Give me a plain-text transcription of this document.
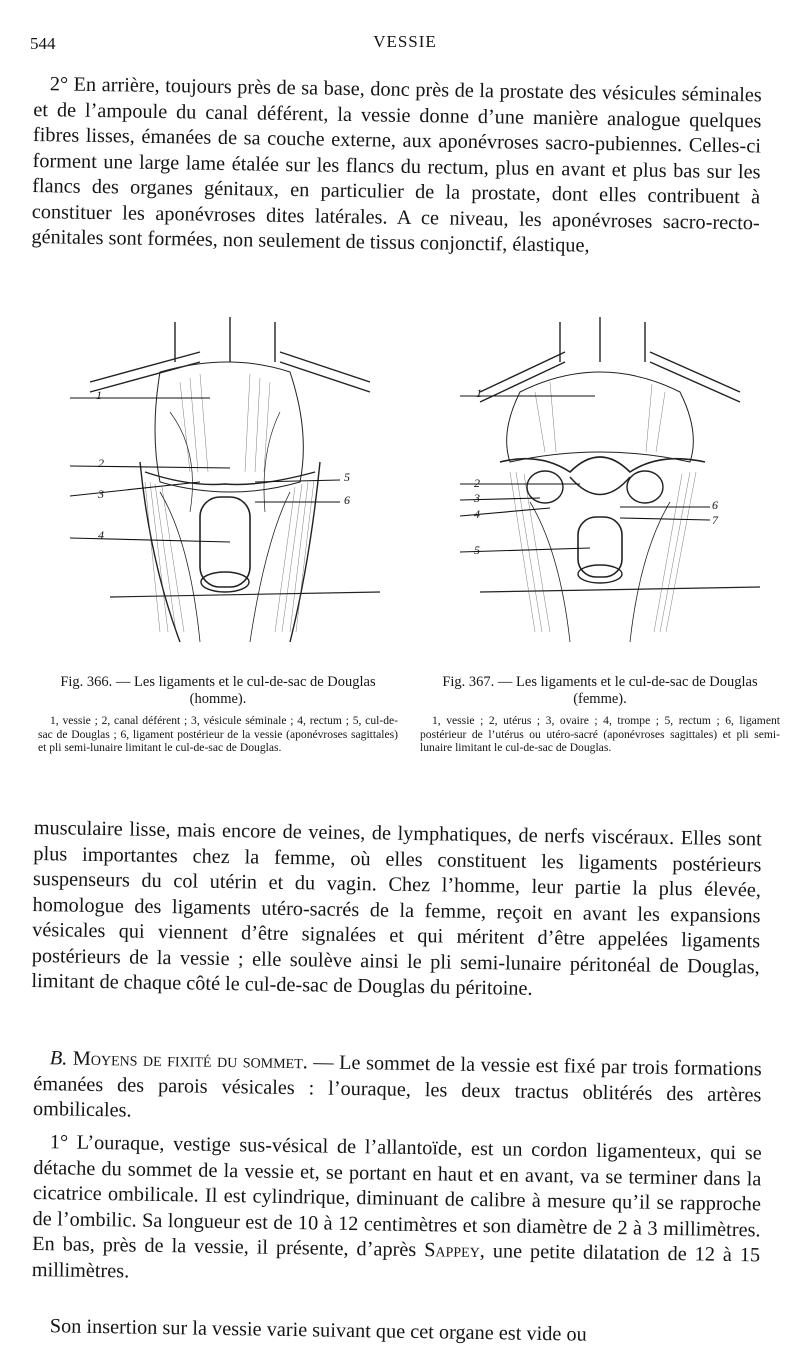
544	VESSIE

2° En arrière, toujours près de sa base, donc près de la prostate des vésicules séminales et de l’ampoule du canal déférent, la vessie donne d’une manière analogue quelques fibres lisses, émanées de sa couche externe, aux aponévroses sacro-pubiennes. Celles-ci forment une large lame étalée sur les flancs du rectum, plus en avant et plus bas sur les flancs des organes génitaux, en particulier de la prostate, dont elles contribuent à constituer les aponévroses dites latérales. A ce niveau, les aponévroses sacro-recto-génitales sont formées, non seulement de tissus conjonctif, élastique,

1
2
3
4
5
6
1
2
3
4
5
6
7

Fig. 366. — Les ligaments et le cul-de-sac de Douglas (homme).

1, vessie ; 2, canal déférent ; 3, vésicule séminale ; 4, rectum ; 5, cul-de-sac de Douglas ; 6, ligament postérieur de la vessie (aponévroses sagittales) et pli semi-lunaire limitant le cul-de-sac de Douglas.

Fig. 367. — Les ligaments et le cul-de-sac de Douglas (femme).

1, vessie ; 2, utérus ; 3, ovaire ; 4, trompe ; 5, rectum ; 6, ligament postérieur de l’utérus ou utéro-sacré (aponévroses sagittales) et pli semi-lunaire limitant le cul-de-sac de Douglas.

musculaire lisse, mais encore de veines, de lymphatiques, de nerfs viscéraux. Elles sont plus importantes chez la femme, où elles constituent les ligaments postérieurs suspenseurs du col utérin et du vagin. Chez l’homme, leur partie la plus élevée, homologue des ligaments utéro-sacrés de la femme, reçoit en avant les expansions vésicales qui viennent d’être signalées et qui méritent d’être appelées ligaments postérieurs de la vessie ; elle soulève ainsi le pli semi-lunaire péritonéal de Douglas, limitant de chaque côté le cul-de-sac de Douglas du péritoine.

B. Moyens de fixité du sommet. — Le sommet de la vessie est fixé par trois formations émanées des parois vésicales : l’ouraque, les deux tractus oblitérés des artères ombilicales.

1° L’ouraque, vestige sus-vésical de l’allantoïde, est un cordon ligamenteux, qui se détache du sommet de la vessie et, se portant en haut et en avant, va se terminer dans la cicatrice ombilicale. Il est cylindrique, diminuant de calibre à mesure qu’il se rapproche de l’ombilic. Sa longueur est de 10 à 12 centimètres et son diamètre de 2 à 3 millimètres. En bas, près de la vessie, il présente, d’après Sappey, une petite dilatation de 12 à 15 millimètres.

Son insertion sur la vessie varie suivant que cet organe est vide ou
